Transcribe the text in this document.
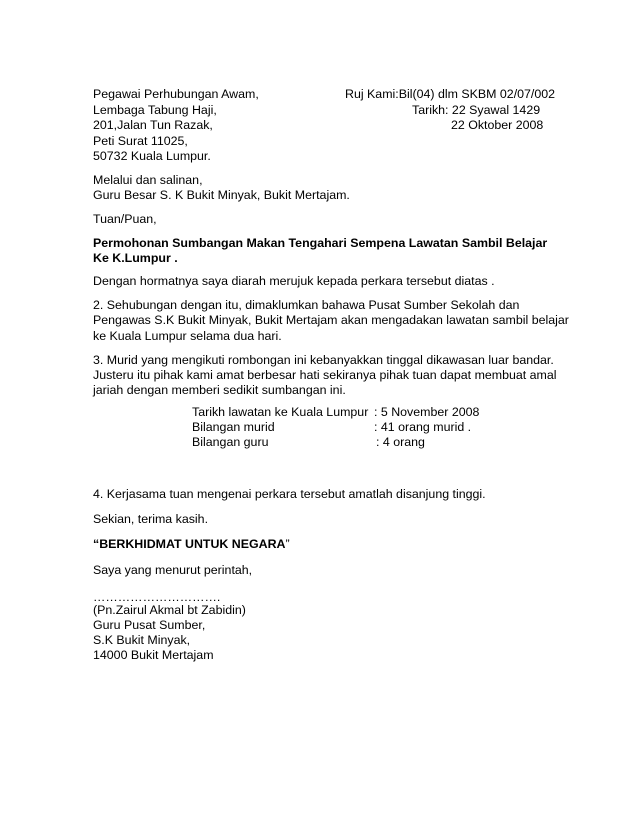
Pegawai Perhubungan Awam,
Lembaga Tabung Haji,
201,Jalan Tun Razak,
Peti Surat 11025,
50732 Kuala Lumpur.
Ruj Kami:Bil(04) dlm SKBM 02/07/002
Tarikh: 22 Syawal 1429
22 Oktober 2008
Melalui dan salinan,
Guru Besar S. K Bukit Minyak, Bukit Mertajam.
Tuan/Puan,
Permohonan Sumbangan Makan Tengahari Sempena Lawatan Sambil Belajar
Ke K.Lumpur .
Dengan hormatnya saya diarah merujuk kepada perkara tersebut diatas .
2. Sehubungan dengan itu, dimaklumkan bahawa Pusat Sumber Sekolah dan
Pengawas S.K Bukit Minyak, Bukit Mertajam akan mengadakan lawatan sambil belajar
ke Kuala Lumpur selama dua hari.
3. Murid yang mengikuti rombongan ini kebanyakkan tinggal dikawasan luar bandar.
Justeru itu pihak kami amat berbesar hati sekiranya pihak tuan dapat membuat amal
jariah dengan memberi sedikit sumbangan ini.
Tarikh lawatan ke Kuala Lumpur : 5 November 2008
Bilangan murid	: 41 orang murid .
Bilangan guru	: 4 orang
4. Kerjasama tuan mengenai perkara tersebut amatlah disanjung tinggi.
Sekian, terima kasih.
“BERKHIDMAT UNTUK NEGARA”
Saya yang menurut perintah,
………………………….
(Pn.Zairul Akmal bt Zabidin)
Guru Pusat Sumber,
S.K Bukit Minyak,
14000 Bukit Mertajam
